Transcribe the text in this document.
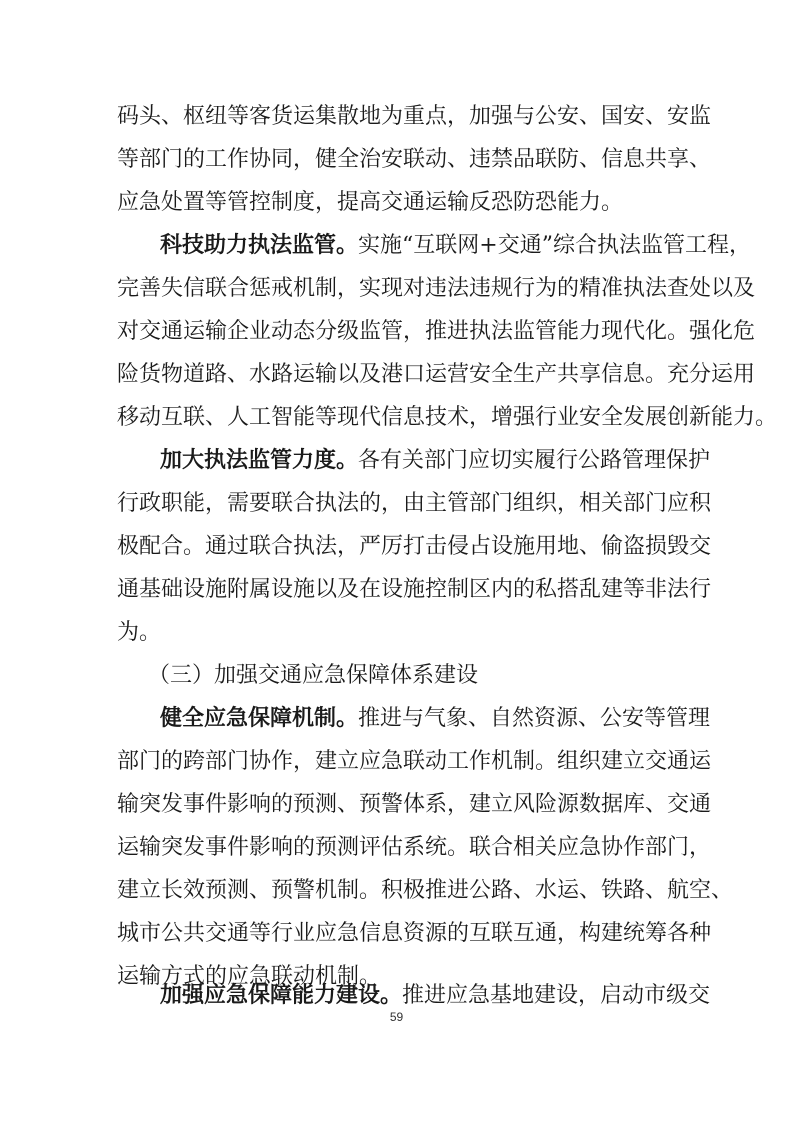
码头、枢纽等客货运集散地为重点，加强与公安、国安、安监
等部门的工作协同，健全治安联动、违禁品联防、信息共享、
应急处置等管控制度，提高交通运输反恐防恐能力。
科技助力执法监管。实施“互联网+交通”综合执法监管工程，
完善失信联合惩戒机制，实现对违法违规行为的精准执法查处以及
对交通运输企业动态分级监管，推进执法监管能力现代化。强化危
险货物道路、水路运输以及港口运营安全生产共享信息。充分运用
移动互联、人工智能等现代信息技术，增强行业安全发展创新能力。
加大执法监管力度。各有关部门应切实履行公路管理保护
行政职能，需要联合执法的，由主管部门组织，相关部门应积
极配合。通过联合执法，严厉打击侵占设施用地、偷盗损毁交
通基础设施附属设施以及在设施控制区内的私搭乱建等非法行
为。
（三）加强交通应急保障体系建设
健全应急保障机制。推进与气象、自然资源、公安等管理
部门的跨部门协作，建立应急联动工作机制。组织建立交通运
输突发事件影响的预测、预警体系，建立风险源数据库、交通
运输突发事件影响的预测评估系统。联合相关应急协作部门，
建立长效预测、预警机制。积极推进公路、水运、铁路、航空、
城市公共交通等行业应急信息资源的互联互通，构建统筹各种
运输方式的应急联动机制。
加强应急保障能力建设。推进应急基地建设，启动市级交
59
